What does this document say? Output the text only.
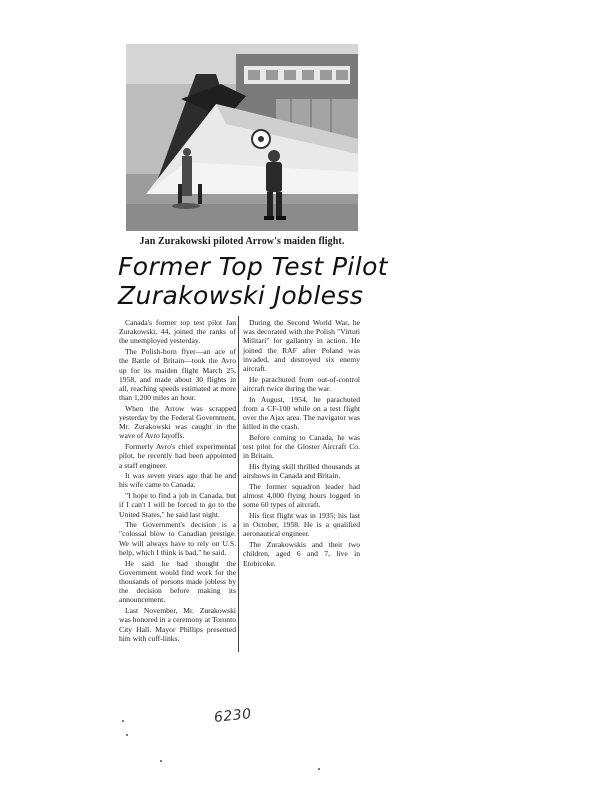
Jan Zurakowski piloted Arrow's maiden flight.
Former Top Test Pilot
Zurakowski Jobless

Canada's former top test pilot Jan Zurakowski, 44, joined the ranks of the unemployed yesterday.

The Polish-born flyer—an ace of the Battle of Britain—took the Avro up for its maiden flight March 25, 1958, and made about 30 flights in all, reaching speeds estimated at more than 1,200 miles an hour.

When the Arrow was scrapped yesterday by the Federal Government, Mr. Zurakowski was caught in the wave of Avro layoffs.

Formerly Avro's chief experimental pilot, he recently had been appointed a staff engineer.

It was seven years ago that he and his wife came to Canada.

"I hope to find a job in Canada, but if I can't I will be forced to go to the United States," he said last night.

The Government's decision is a "colossal blow to Canadian prestige. We will always have to rely on U.S. help, which I think is bad," he said.

He said he had thought the Government would find work for the thousands of persons made jobless by the decision before making its announcement.

Last November, Mr. Zurakowski was honored in a ceremony at Toronto City Hall. Mayor Phillips presented him with cuff-links.

During the Second World War, he was decorated with the Polish "Virtuti Militari" for gallantry in action. He joined the RAF after Poland was invaded, and destroyed six enemy aircraft.

He parachuted from out-of-control aircraft twice during the war.

In August, 1954, he parachuted from a CF-100 while on a test flight over the Ajax area. The navigator was killed in the crash.

Before coming to Canada, he was test pilot for the Gloster Aircraft Co. in Britain.

His flying skill thrilled thousands at airshows in Canada and Britain.

The former squadron leader had almost 4,000 flying hours logged in some 60 types of aircraft.

His first flight was in 1935; his last in October, 1958. He is a qualified aeronautical engineer.

The Zurakowskis and their two children, aged 6 and 7, live in Etobicoke.

6230
